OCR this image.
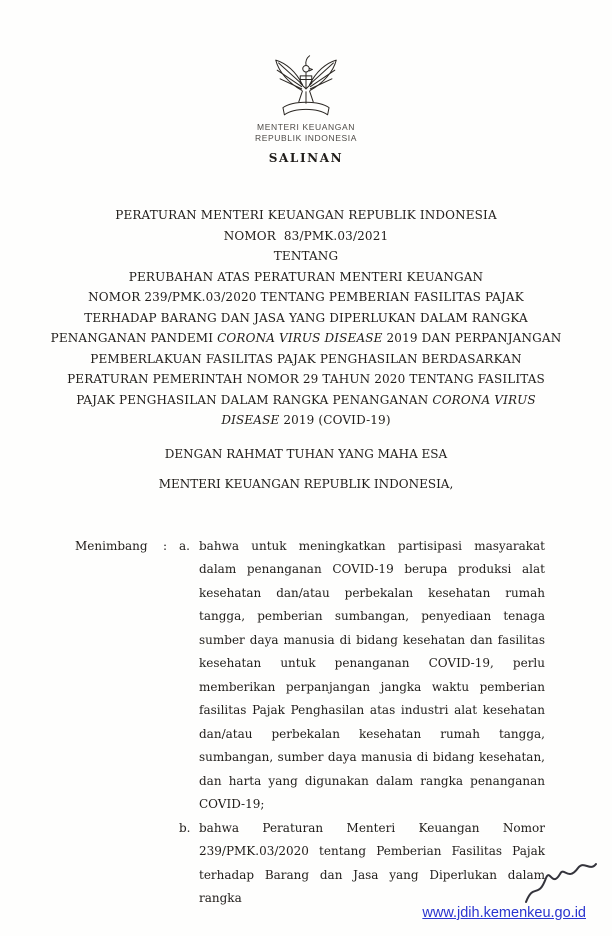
MENTERI KEUANGAN
REPUBLIK INDONESIA
SALINAN
PERATURAN MENTERI KEUANGAN REPUBLIK INDONESIA
NOMOR  83/PMK.03/2021
TENTANG
PERUBAHAN ATAS PERATURAN MENTERI KEUANGAN
NOMOR 239/PMK.03/2020 TENTANG PEMBERIAN FASILITAS PAJAK
TERHADAP BARANG DAN JASA YANG DIPERLUKAN DALAM RANGKA
PENANGANAN PANDEMI CORONA VIRUS DISEASE 2019 DAN PERPANJANGAN
PEMBERLAKUAN FASILITAS PAJAK PENGHASILAN BERDASARKAN
PERATURAN PEMERINTAH NOMOR 29 TAHUN 2020 TENTANG FASILITAS
PAJAK PENGHASILAN DALAM RANGKA PENANGANAN CORONA VIRUS
DISEASE 2019 (COVID-19)

DENGAN RAHMAT TUHAN YANG MAHA ESA

MENTERI KEUANGAN REPUBLIK INDONESIA,

Menimbang	: a. bahwa untuk meningkatkan partisipasi masyarakat dalam penanganan COVID-19 berupa produksi alat kesehatan dan/atau perbekalan kesehatan rumah tangga, pemberian sumbangan, penyediaan tenaga sumber daya manusia di bidang kesehatan dan fasilitas kesehatan untuk penanganan COVID-19, perlu memberikan perpanjangan jangka waktu pemberian fasilitas Pajak Penghasilan atas industri alat kesehatan dan/atau perbekalan kesehatan rumah tangga, sumbangan, sumber daya manusia di bidang kesehatan, dan harta yang digunakan dalam rangka penanganan COVID-19;

b. bahwa Peraturan Menteri Keuangan Nomor 239/PMK.03/2020 tentang Pemberian Fasilitas Pajak terhadap Barang dan Jasa yang Diperlukan dalam rangka

www.jdih.kemenkeu.go.id
